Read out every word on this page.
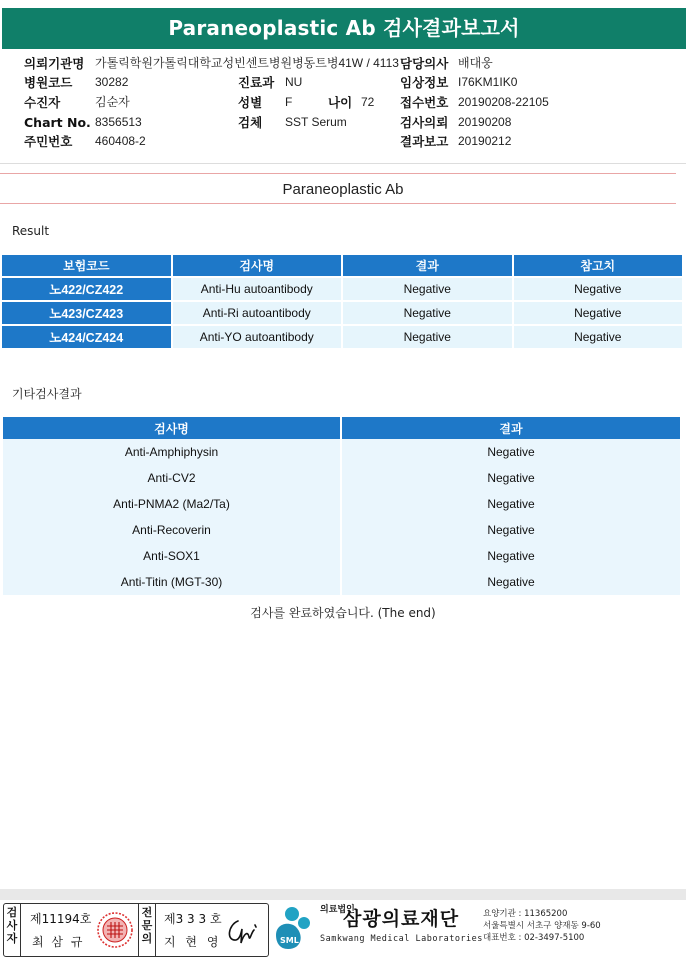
Paraneoplastic Ab 검사결과보고서
의뢰기관명 가톨릭학원가톨릭대학교성빈센트병원병동트병41W / 4113
병원코드 30282	진료과 NU
수진자	김순자	성별 F	나이 72
Chart No. 8356513	검체 SST Serum
주민번호 460408-2
담당의사 배대웅
임상정보 I76KM1IK0
접수번호 20190208-22105
검사의뢰 20190208
결과보고 20190212
Paraneoplastic Ab
Result
보험코드	검사명	결과	참고치
노422/CZ422	Anti-Hu autoantibody	Negative	Negative
노423/CZ423	Anti-Ri autoantibody	Negative	Negative
노424/CZ424	Anti-YO autoantibody	Negative	Negative
기타검사결과
검사명	결과
Anti-Amphiphysin	Negative
Anti-CV2	Negative
Anti-PNMA2 (Ma2/Ta)	Negative
Anti-Recoverin	Negative
Anti-SOX1	Negative
Anti-Titin (MGT-30)	Negative
검사를 완료하였습니다. (The end)
검사자
제11194호
최 삼 규
전문의
제3 3 3 호
지 현 영	SML
의료법인
삼광의료재단
Samkwang Medical Laboratories
요양기관 : 11365200
서울특별시 서초구 양재동 9-60
대표번호 : 02-3497-5100
